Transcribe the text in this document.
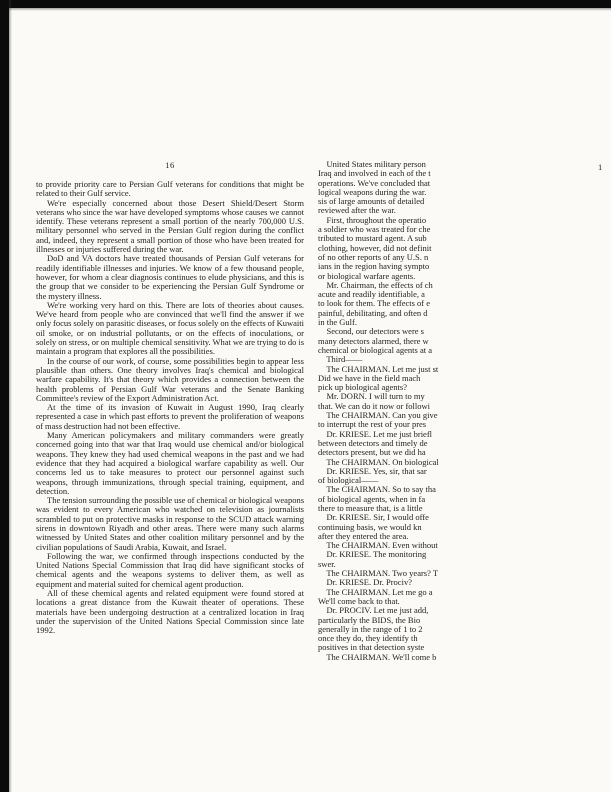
16
to provide priority care to Persian Gulf veterans for conditions that might be related to their Gulf service.
We're especially concerned about those Desert Shield/Desert Storm veterans who since the war have developed symptoms whose causes we cannot identify. These veterans represent a small portion of the nearly 700,000 U.S. military personnel who served in the Persian Gulf region during the conflict and, indeed, they represent a small portion of those who have been treated for illnesses or injuries suffered during the war.
DoD and VA doctors have treated thousands of Persian Gulf veterans for readily identifiable illnesses and injuries. We know of a few thousand people, however, for whom a clear diagnosis continues to elude physicians, and this is the group that we consider to be experiencing the Persian Gulf Syndrome or the mystery illness.
We're working very hard on this. There are lots of theories about causes. We've heard from people who are convinced that we'll find the answer if we only focus solely on parasitic diseases, or focus solely on the effects of Kuwaiti oil smoke, or on industrial pollutants, or on the effects of inoculations, or solely on stress, or on multiple chemical sensitivity. What we are trying to do is maintain a program that explores all the possibilities.
In the course of our work, of course, some possibilities begin to appear less plausible than others. One theory involves Iraq's chemical and biological warfare capability. It's that theory which provides a connection between the health problems of Persian Gulf War veterans and the Senate Banking Committee's review of the Export Administration Act.
At the time of its invasion of Kuwait in August 1990, Iraq clearly represented a case in which past efforts to prevent the proliferation of weapons of mass destruction had not been effective.
Many American policymakers and military commanders were greatly concerned going into that war that Iraq would use chemical and/or biological weapons. They knew they had used chemical weapons in the past and we had evidence that they had acquired a biological warfare capability as well. Our concerns led us to take measures to protect our personnel against such weapons, through immunizations, through special training, equipment, and detection.
The tension surrounding the possible use of chemical or biological weapons was evident to every American who watched on television as journalists scrambled to put on protective masks in response to the SCUD attack warning sirens in downtown Riyadh and other areas. There were many such alarms witnessed by United States and other coalition military personnel and by the civilian populations of Saudi Arabia, Kuwait, and Israel.
Following the war, we confirmed through inspections conducted by the United Nations Special Commission that Iraq did have significant stocks of chemical agents and the weapons systems to deliver them, as well as equipment and material suited for chemical agent production.
All of these chemical agents and related equipment were found stored at locations a great distance from the Kuwait theater of operations. These materials have been undergoing destruction at a centralized location in Iraq under the supervision of the United Nations Special Commission since late 1992.
1
United States military person
Iraq and involved in each of the t
operations. We've concluded that
logical weapons during the war.
sis of large amounts of detailed
reviewed after the war.
First, throughout the operatio
a soldier who was treated for che
tributed to mustard agent. A sub
clothing, however, did not definit
of no other reports of any U.S. n
ians in the region having sympto
or biological warfare agents.
Mr. Chairman, the effects of ch
acute and readily identifiable, a
to look for them. The effects of e
painful, debilitating, and often d
in the Gulf.
Second, our detectors were s
many detectors alarmed, there w
chemical or biological agents at a
Third——
The CHAIRMAN. Let me just st
Did we have in the field mach
pick up biological agents?
Mr. DORN. I will turn to my
that. We can do it now or followi
The CHAIRMAN. Can you give
to interrupt the rest of your pres
Dr. KRIESE. Let me just briefl
between detectors and timely de
detectors present, but we did ha
The CHAIRMAN. On biological
Dr. KRIESE. Yes, sir, that sar
of biological——
The CHAIRMAN. So to say tha
of biological agents, when in fa
there to measure that, is a little
Dr. KRIESE. Sir, I would offe
continuing basis, we would kn
after they entered the area.
The CHAIRMAN. Even without
Dr. KRIESE. The monitoring
swer.
The CHAIRMAN. Two years? T
Dr. KRIESE. Dr. Prociv?
The CHAIRMAN. Let me go a
We'll come back to that.
Dr. PROCIV. Let me just add,
particularly the BIDS, the Bio
generally in the range of 1 to 2
once they do, they identify th
positives in that detection syste
The CHAIRMAN. We'll come b
